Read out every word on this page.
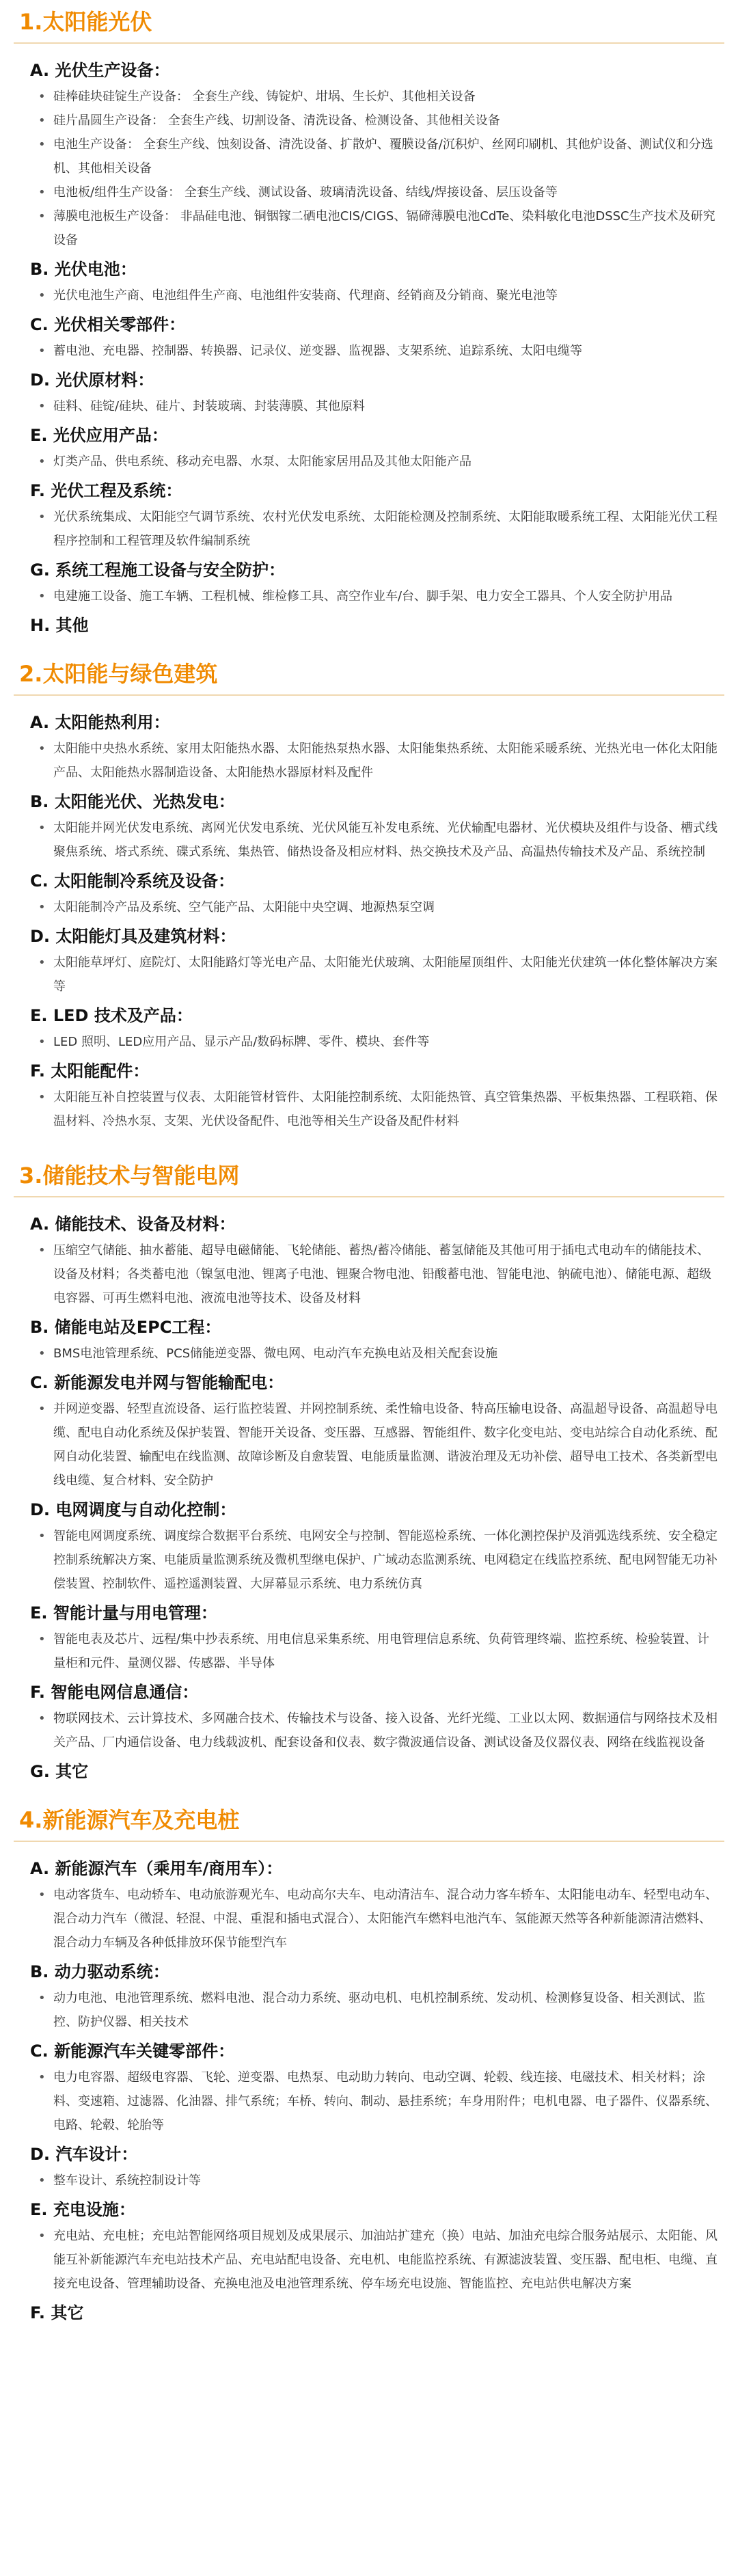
1.太阳能光伏
A. 光伏生产设备：
• 硅棒硅块硅锭生产设备： 全套生产线、铸锭炉、坩埚、生长炉、其他相关设备
• 硅片晶圆生产设备： 全套生产线、切割设备、清洗设备、检测设备、其他相关设备
• 电池生产设备： 全套生产线、蚀刻设备、清洗设备、扩散炉、覆膜设备/沉积炉、丝网印刷机、其他炉设备、测试仪和分选机、其他相关设备
• 电池板/组件生产设备： 全套生产线、测试设备、玻璃清洗设备、结线/焊接设备、层压设备等
• 薄膜电池板生产设备： 非晶硅电池、铜铟镓二硒电池CIS/CIGS、镉碲薄膜电池CdTe、染料敏化电池DSSC生产技术及研究设备
B. 光伏电池：
• 光伏电池生产商、电池组件生产商、电池组件安装商、代理商、经销商及分销商、聚光电池等
C. 光伏相关零部件：
• 蓄电池、充电器、控制器、转换器、记录仪、逆变器、监视器、支架系统、追踪系统、太阳电缆等
D. 光伏原材料：
• 硅料、硅锭/硅块、硅片、封装玻璃、封装薄膜、其他原料
E. 光伏应用产品：
• 灯类产品、供电系统、移动充电器、水泵、太阳能家居用品及其他太阳能产品
F. 光伏工程及系统：
• 光伏系统集成、太阳能空气调节系统、农村光伏发电系统、太阳能检测及控制系统、太阳能取暖系统工程、太阳能光伏工程程序控制和工程管理及软件编制系统
G. 系统工程施工设备与安全防护：
• 电建施工设备、施工车辆、工程机械、维检修工具、高空作业车/台、脚手架、电力安全工器具、个人安全防护用品
H. 其他
2.太阳能与绿色建筑
A. 太阳能热利用：
• 太阳能中央热水系统、家用太阳能热水器、太阳能热泵热水器、太阳能集热系统、太阳能采暖系统、光热光电一体化太阳能产品、太阳能热水器制造设备、太阳能热水器原材料及配件
B. 太阳能光伏、光热发电：
• 太阳能并网光伏发电系统、离网光伏发电系统、光伏风能互补发电系统、光伏输配电器材、光伏模块及组件与设备、槽式线聚焦系统、塔式系统、碟式系统、集热管、储热设备及相应材料、热交换技术及产品、高温热传输技术及产品、系统控制
C. 太阳能制冷系统及设备：
• 太阳能制冷产品及系统、空气能产品、太阳能中央空调、地源热泵空调
D. 太阳能灯具及建筑材料：
• 太阳能草坪灯、庭院灯、太阳能路灯等光电产品、太阳能光伏玻璃、太阳能屋顶组件、太阳能光伏建筑一体化整体解决方案等
E. LED 技术及产品：
• LED 照明、LED应用产品、显示产品/数码标牌、零件、模块、套件等
F. 太阳能配件：
• 太阳能互补自控装置与仪表、太阳能管材管件、太阳能控制系统、太阳能热管、真空管集热器、平板集热器、工程联箱、保温材料、冷热水泵、支架、光伏设备配件、电池等相关生产设备及配件材料
3.储能技术与智能电网
A. 储能技术、设备及材料：
• 压缩空气储能、抽水蓄能、超导电磁储能、飞轮储能、蓄热/蓄冷储能、蓄氢储能及其他可用于插电式电动车的储能技术、设备及材料；各类蓄电池（镍氢电池、锂离子电池、锂聚合物电池、铅酸蓄电池、智能电池、钠硫电池）、储能电源、超级电容器、可再生燃料电池、液流电池等技术、设备及材料
B. 储能电站及EPC工程：
• BMS电池管理系统、PCS储能逆变器、微电网、电动汽车充换电站及相关配套设施
C. 新能源发电并网与智能输配电：
• 并网逆变器、轻型直流设备、运行监控装置、并网控制系统、柔性输电设备、特高压输电设备、高温超导设备、高温超导电缆、配电自动化系统及保护装置、智能开关设备、变压器、互感器、智能组件、数字化变电站、变电站综合自动化系统、配网自动化装置、输配电在线监测、故障诊断及自愈装置、电能质量监测、谐波治理及无功补偿、超导电工技术、各类新型电线电缆、复合材料、安全防护
D. 电网调度与自动化控制：
• 智能电网调度系统、调度综合数据平台系统、电网安全与控制、智能巡检系统、一体化测控保护及消弧选线系统、安全稳定控制系统解决方案、电能质量监测系统及微机型继电保护、广域动态监测系统、电网稳定在线监控系统、配电网智能无功补偿装置、控制软件、遥控遥测装置、大屏幕显示系统、电力系统仿真
E. 智能计量与用电管理：
• 智能电表及芯片、远程/集中抄表系统、用电信息采集系统、用电管理信息系统、负荷管理终端、监控系统、检验装置、计量柜和元件、量测仪器、传感器、半导体
F. 智能电网信息通信：
• 物联网技术、云计算技术、多网融合技术、传输技术与设备、接入设备、光纤光缆、工业以太网、数据通信与网络技术及相关产品、厂内通信设备、电力线载波机、配套设备和仪表、数字微波通信设备、测试设备及仪器仪表、网络在线监视设备
G. 其它
4.新能源汽车及充电桩
A. 新能源汽车（乘用车/商用车）：
• 电动客货车、电动轿车、电动旅游观光车、电动高尔夫车、电动清洁车、混合动力客车轿车、太阳能电动车、轻型电动车、混合动力汽车（微混、轻混、中混、重混和插电式混合）、太阳能汽车燃料电池汽车、氢能源天然等各种新能源清洁燃料、混合动力车辆及各种低排放环保节能型汽车
B. 动力驱动系统：
• 动力电池、电池管理系统、燃料电池、混合动力系统、驱动电机、电机控制系统、发动机、检测修复设备、相关测试、监控、防护仪器、相关技术
C. 新能源汽车关键零部件：
• 电力电容器、超级电容器、飞轮、逆变器、电热泵、电动助力转向、电动空调、轮毂、线连接、电磁技术、相关材料；涂料、变速箱、过滤器、化油器、排气系统；车桥、转向、制动、悬挂系统；车身用附件；电机电器、电子器件、仪器系统、电路、轮毂、轮胎等
D. 汽车设计：
• 整车设计、系统控制设计等
E. 充电设施：
• 充电站、充电桩；充电站智能网络项目规划及成果展示、加油站扩建充（换）电站、加油充电综合服务站展示、太阳能、风能互补新能源汽车充电站技术产品、充电站配电设备、充电机、电能监控系统、有源滤波装置、变压器、配电柜、电缆、直接充电设备、管理辅助设备、充换电池及电池管理系统、停车场充电设施、智能监控、充电站供电解决方案
F. 其它
